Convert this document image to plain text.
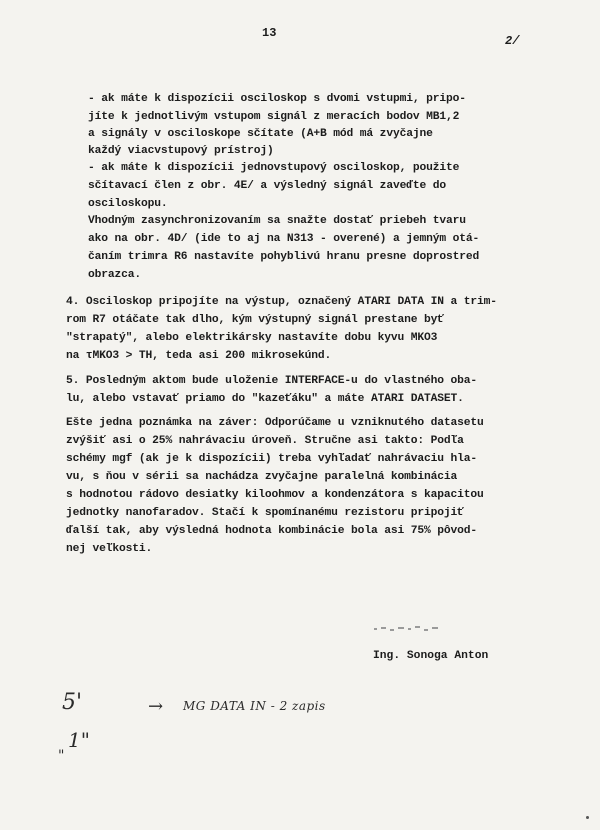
13
2/
- ak máte k dispozícii osciloskop s dvomi vstupmi, pripo-
jíte k jednotlivým vstupom signál z meracích bodov MB1,2
a signály v osciloskope sčítate (A+B mód má zvyčajne
každý viacvstupový prístroj)
- ak máte k dispozícii jednovstupový osciloskop, použite
sčítavací člen z obr. 4E/ a výsledný signál zaveďte do
osciloskopu.
Vhodným zasynchronizovaním sa snažte dostať priebeh tvaru
ako na obr. 4D/ (ide to aj na N313 - overené) a jemným otá-
čaním trimra R6 nastavíte pohyblivú hranu presne doprostred
obrazca.
4. Osciloskop pripojíte na výstup, označený ATARI DATA IN a trim-
rom R7 otáčate tak dlho, kým výstupný signál prestane byť
"strapatý", alebo elektrikársky nastavíte dobu kyvu MKO3
na τMKO3 > TH, teda asi 200 mikrosekúnd.
5. Posledným aktom bude uloženie INTERFACE-u do vlastného oba-
lu, alebo vstavať priamo do "kazeťáku" a máte ATARI DATASET.
Ešte jedna poznámka na záver: Odporúčame u vzniknutého datasetu
zvýšiť asi o 25% nahrávaciu úroveň. Stručne asi takto: Podľa
schémy mgf (ak je k dispozícii) treba vyhľadať nahrávaciu hla-
vu, s ňou v sérii sa nachádza zvyčajne paralelná kombinácia
s hodnotou rádovo desiatky kiloohmov a kondenzátora s kapacitou
jednotky nanofaradov. Stačí k spomínanému rezistoru pripojiť
ďalší tak, aby výsledná hodnota kombinácie bola asi 75% pôvod-
nej veľkosti.
Ing. Sonoga Anton
5'	→ MG DATA IN - 2 zapis
1"
"
